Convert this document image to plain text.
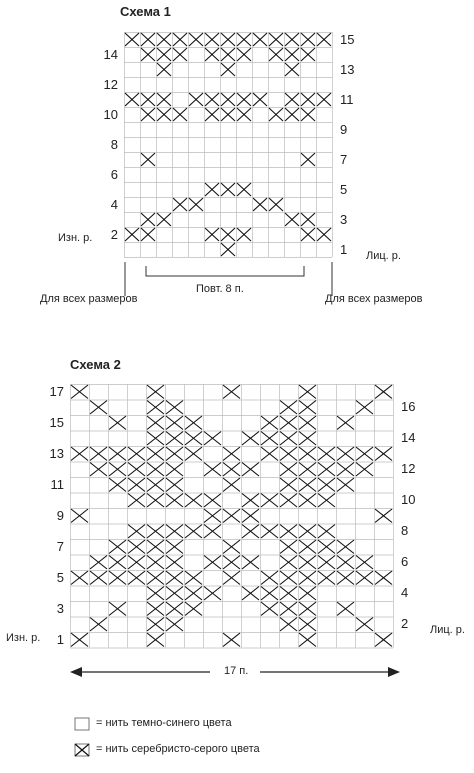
Схема 1
14
12
10
8
6
4
2
15
13
11
9
7
5
3
1
Изн. р.
Лиц. р.
Повт. 8 п.
Для всех размеров	Для всех размеров
Схема 2
17
15
13
11
9
7
5
3
1
16
14
12
10
8
6
4
2
Изн. р.
Лиц. р.
17 п.
= нить темно-синего цвета
= нить серебристо-серого цвета
